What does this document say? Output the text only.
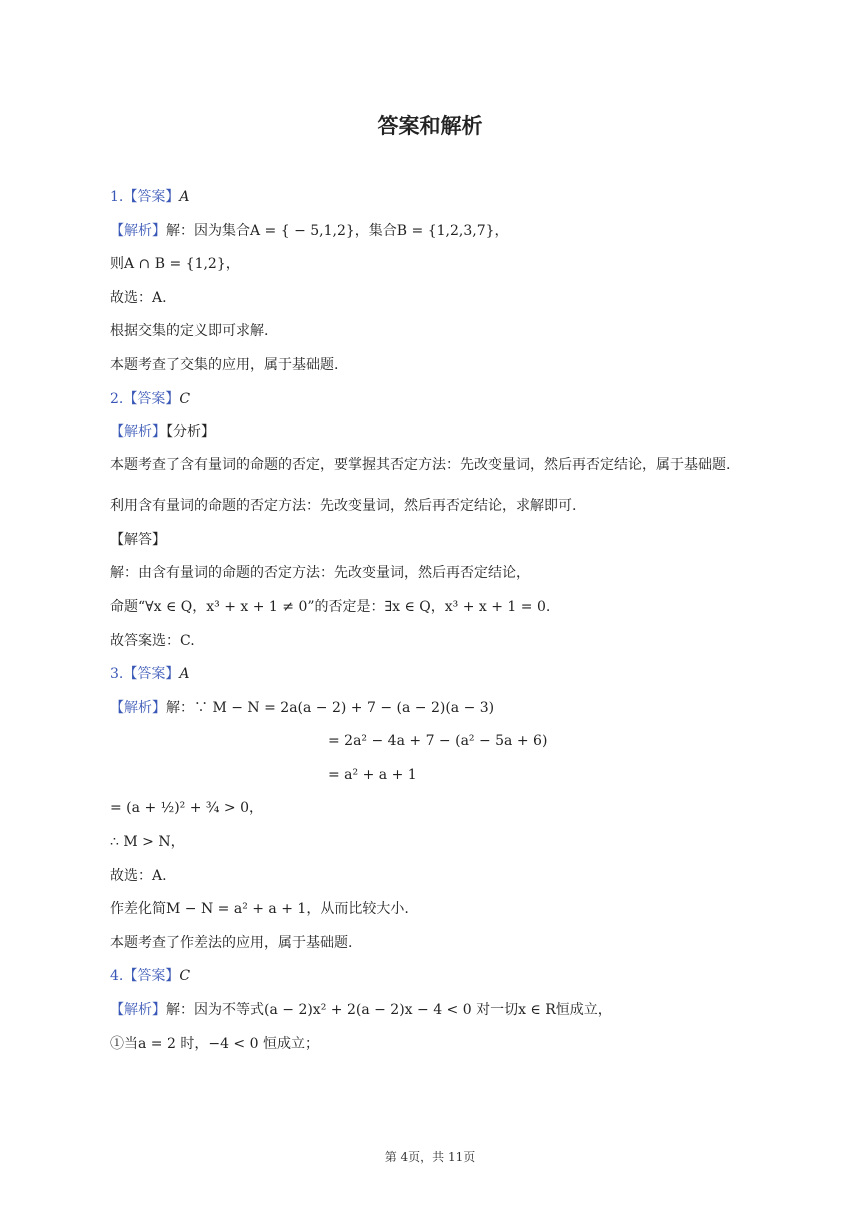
答案和解析
1.【答案】A
【解析】解：因为集合A = { − 5,1,2}，集合B = {1,2,3,7}，
则A ∩ B = {1,2}，
故选：A.
根据交集的定义即可求解.
本题考查了交集的应用，属于基础题.
2.【答案】C
【解析】【分析】
本题考查了含有量词的命题的否定，要掌握其否定方法：先改变量词，然后再否定结论，属于基础题.
利用含有量词的命题的否定方法：先改变量词，然后再否定结论，求解即可.
【解答】
解：由含有量词的命题的否定方法：先改变量词，然后再否定结论，
命题“∀x ∈ Q，x³ + x + 1 ≠ 0”的否定是：∃x ∈ Q，x³ + x + 1 = 0.
故答案选：C.
3.【答案】A
【解析】解：∵ M − N = 2a(a − 2) + 7 − (a − 2)(a − 3)
= 2a² − 4a + 7 − (a² − 5a + 6)
= a² + a + 1
= (a + ½)² + ¾ > 0，
∴ M > N，
故选：A.
作差化简M − N = a² + a + 1，从而比较大小.
本题考查了作差法的应用，属于基础题.
4.【答案】C
【解析】解：因为不等式(a − 2)x² + 2(a − 2)x − 4 < 0 对一切x ∈ R恒成立，
①当a = 2 时，−4 < 0 恒成立；
第 4页，共 11页
